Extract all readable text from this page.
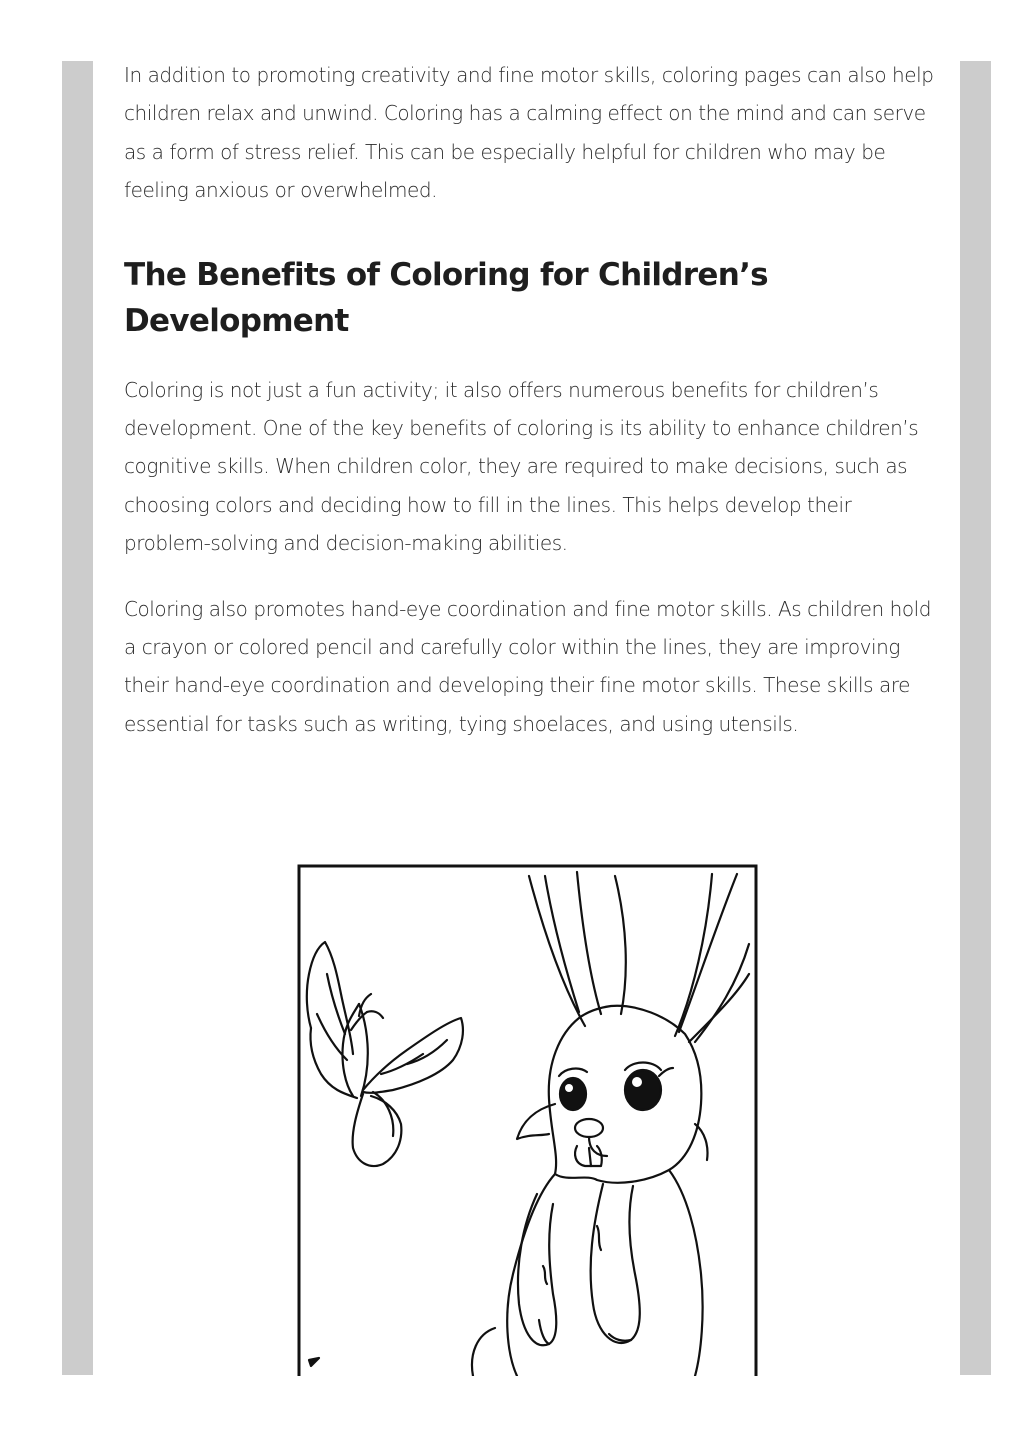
In addition to promoting creativity and fine motor skills, coloring pages can also help children relax and unwind. Coloring has a calming effect on the mind and can serve as a form of stress relief. This can be especially helpful for children who may be feeling anxious or overwhelmed.

The Benefits of Coloring for Children’s Development

Coloring is not just a fun activity; it also offers numerous benefits for children’s development. One of the key benefits of coloring is its ability to enhance children’s cognitive skills. When children color, they are required to make decisions, such as choosing colors and deciding how to fill in the lines. This helps develop their problem-solving and decision-making abilities.

Coloring also promotes hand-eye coordination and fine motor skills. As children hold a crayon or colored pencil and carefully color within the lines, they are improving their hand-eye coordination and developing their fine motor skills. These skills are essential for tasks such as writing, tying shoelaces, and using utensils.
